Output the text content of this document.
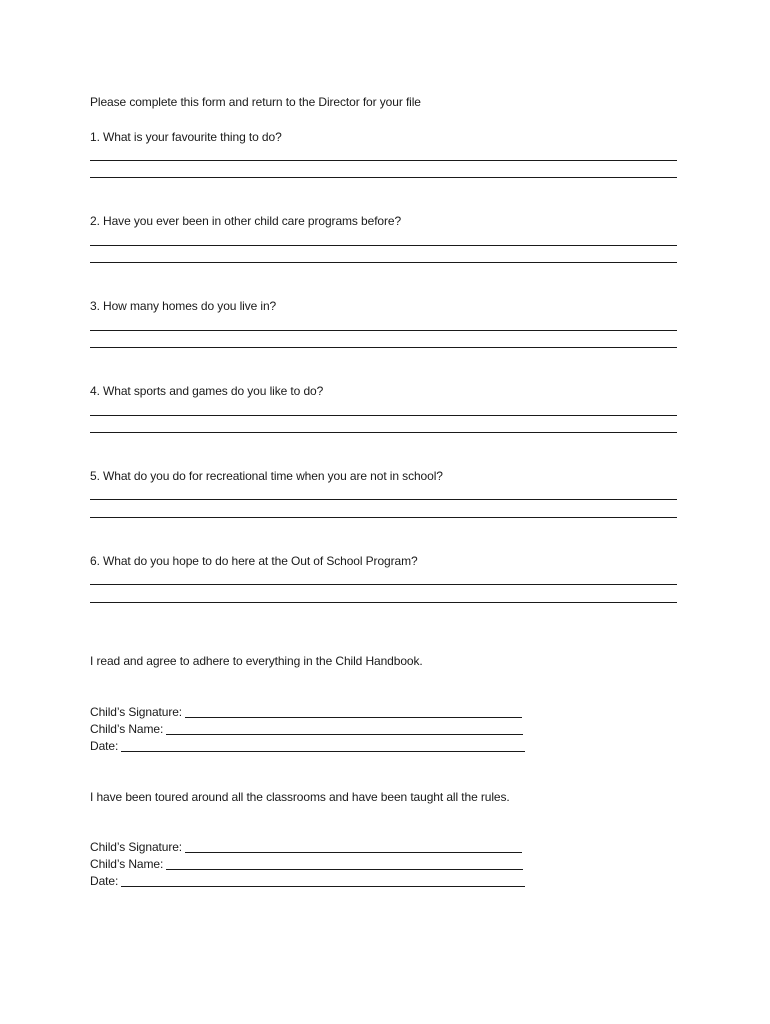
Please complete this form and return to the Director for your file
1. What is your favourite thing to do?
2. Have you ever been in other child care programs before?
3. How many homes do you live in?
4. What sports and games do you like to do?
5. What do you do for recreational time when you are not in school?
6. What do you hope to do here at the Out of School Program?
I read and agree to adhere to everything in the Child Handbook.
Child’s Signature:
Child’s Name:
Date:
I have been toured around all the classrooms and have been taught all the rules.
Child’s Signature:
Child’s Name:
Date:
